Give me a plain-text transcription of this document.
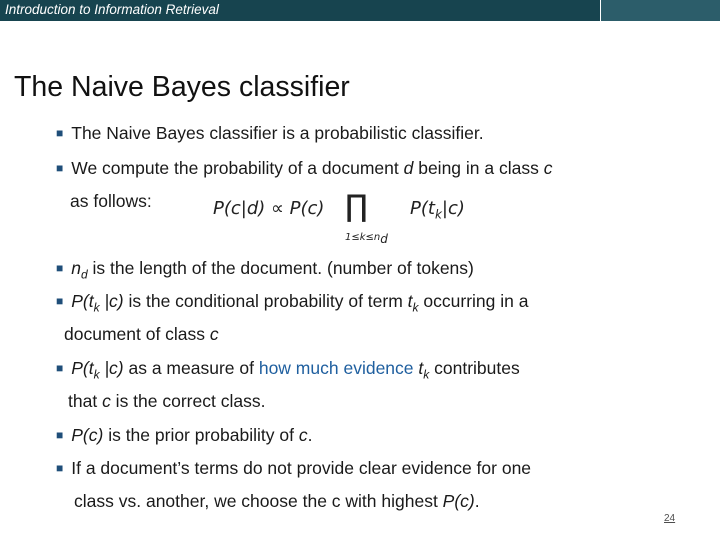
Introduction to Information Retrieval
The Naive Bayes classifier
■ The Naive Bayes classifier is a probabilistic classifier.
■ We compute the probability of a document d being in a class c
as follows:	P(c|d) ∝ P(c) ∏
$1\le k\le n_d$
$P(t_k|c)$
■ $n_d$ is the length of the document. (number of tokens)
■ $P(t_k$ |c) is the conditional probability of term $t_k$ occurring in a
document of class c
■ $P(t_k$ |c) as a measure of how much evidence $t_k$ contributes
that c is the correct class.
■ P(c) is the prior probability of c.
■ If a document’s terms do not provide clear evidence for one
class vs. another, we choose the c with highest P(c).
24
